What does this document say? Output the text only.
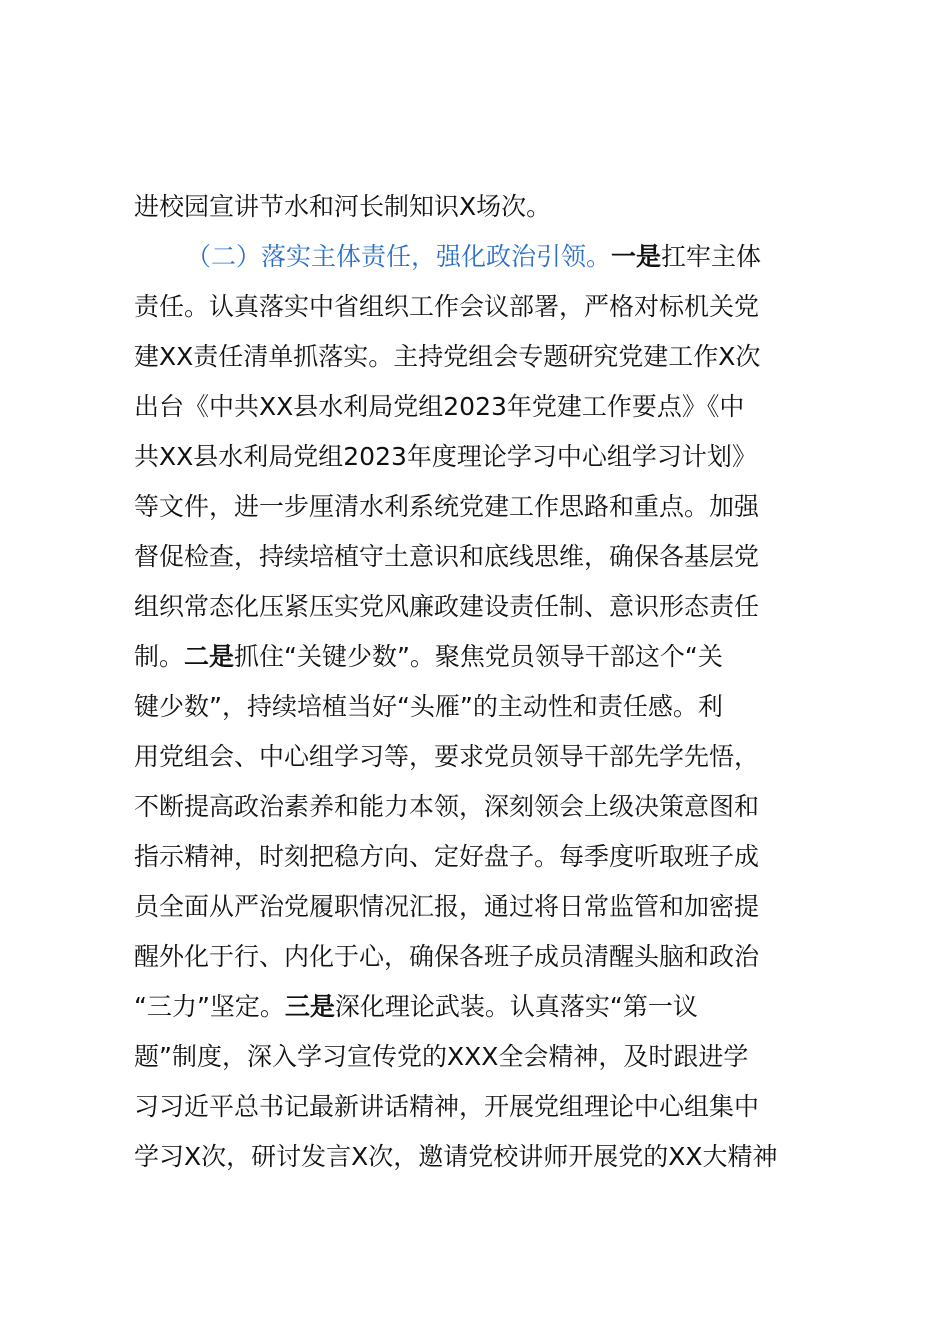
进校园宣讲节水和河长制知识X场次。
（二）落实主体责任，强化政治引领。一是扛牢主体
责任。认真落实中省组织工作会议部署，严格对标机关党
建XX责任清单抓落实。主持党组会专题研究党建工作X次
出台《中共XX县水利局党组2023年党建工作要点》《中
共XX县水利局党组2023年度理论学习中心组学习计划》
等文件，进一步厘清水利系统党建工作思路和重点。加强
督促检查，持续培植守土意识和底线思维，确保各基层党
组织常态化压紧压实党风廉政建设责任制、意识形态责任
制。二是抓住“关键少数”。聚焦党员领导干部这个“关
键少数”，持续培植当好“头雁”的主动性和责任感。利
用党组会、中心组学习等，要求党员领导干部先学先悟，
不断提高政治素养和能力本领，深刻领会上级决策意图和
指示精神，时刻把稳方向、定好盘子。每季度听取班子成
员全面从严治党履职情况汇报，通过将日常监管和加密提
醒外化于行、内化于心，确保各班子成员清醒头脑和政治
“三力”坚定。三是深化理论武装。认真落实“第一议
题”制度，深入学习宣传党的XXX全会精神，及时跟进学
习习近平总书记最新讲话精神，开展党组理论中心组集中
学习X次，研讨发言X次，邀请党校讲师开展党的XX大精神
